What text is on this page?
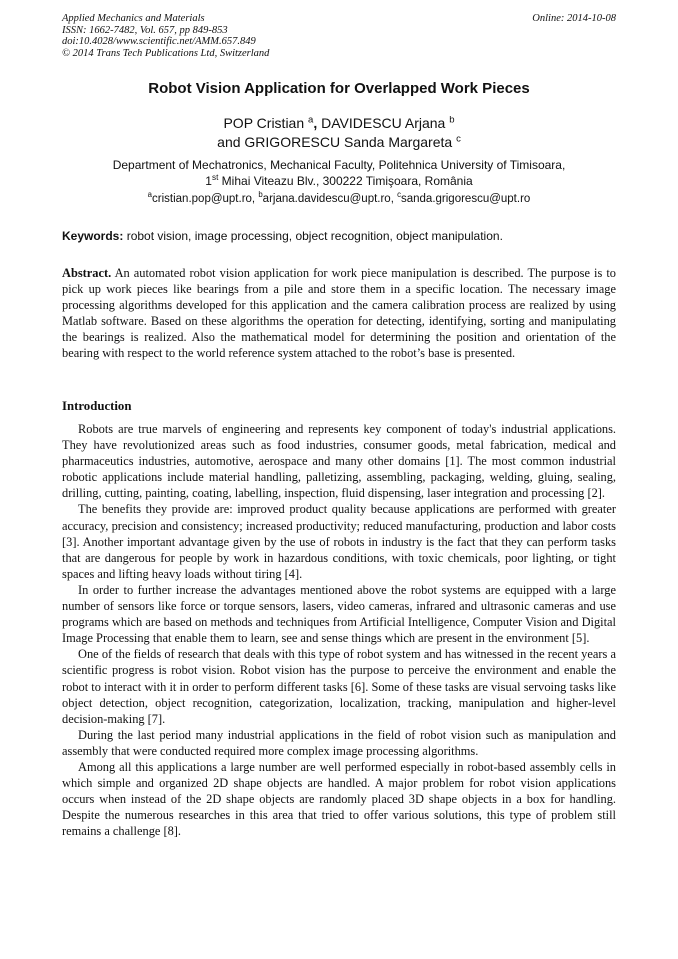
Applied Mechanics and Materials
ISSN: 1662-7482, Vol. 657, pp 849-853
doi:10.4028/www.scientific.net/AMM.657.849
© 2014 Trans Tech Publications Ltd, Switzerland
Online: 2014-10-08
Robot Vision Application for Overlapped Work Pieces
POP Cristian $^a$, DAVIDESCU Arjana $^b$
and GRIGORESCU Sanda Margareta $^c$
Department of Mechatronics, Mechanical Faculty, Politehnica University of Timisoara,
1st Mihai Viteazu Blv., 300222 Timişoara, România
$^a$cristian.pop@upt.ro, $^b$arjana.davidescu@upt.ro, $^c$sanda.grigorescu@upt.ro
Keywords: robot vision, image processing, object recognition, object manipulation.

Abstract. An automated robot vision application for work piece manipulation is described. The purpose is to pick up work pieces like bearings from a pile and store them in a specific location. The necessary image processing algorithms developed for this application and the camera calibration process are realized by using Matlab software. Based on these algorithms the operation for detecting, identifying, sorting and manipulating the bearings is realized. Also the mathematical model for determining the position and orientation of the bearing with respect to the world reference system attached to the robot’s base is presented.

Introduction

Robots are true marvels of engineering and represents key component of today's industrial applications. They have revolutionized areas such as food industries, consumer goods, metal fabrication, medical and pharmaceutics industries, automotive, aerospace and many other domains [1]. The most common industrial robotic applications include material handling, palletizing, assembling, packaging, welding, gluing, sealing, drilling, cutting, painting, coating, labelling, inspection, fluid dispensing, laser integration and processing [2].

The benefits they provide are: improved product quality because applications are performed with greater accuracy, precision and consistency; increased productivity; reduced manufacturing, production and labor costs [3]. Another important advantage given by the use of robots in industry is the fact that they can perform tasks that are dangerous for people by work in hazardous conditions, with toxic chemicals, poor lighting, or tight spaces and lifting heavy loads without tiring [4].

In order to further increase the advantages mentioned above the robot systems are equipped with a large number of sensors like force or torque sensors, lasers, video cameras, infrared and ultrasonic cameras and use programs which are based on methods and techniques from Artificial Intelligence, Computer Vision and Digital Image Processing that enable them to learn, see and sense things which are present in the environment [5].

One of the fields of research that deals with this type of robot system and has witnessed in the recent years a scientific progress is robot vision. Robot vision has the purpose to perceive the environment and enable the robot to interact with it in order to perform different tasks [6]. Some of these tasks are visual servoing tasks like object detection, object recognition, categorization, localization, tracking, manipulation and higher-level decision-making [7].

During the last period many industrial applications in the field of robot vision such as manipulation and assembly that were conducted required more complex image processing algorithms.

Among all this applications a large number are well performed especially in robot-based assembly cells in which simple and organized 2D shape objects are handled. A major problem for robot vision applications occurs when instead of the 2D shape objects are randomly placed 3D shape objects in a box for handling. Despite the numerous researches in this area that tried to offer various solutions, this type of problem still remains a challenge [8].
